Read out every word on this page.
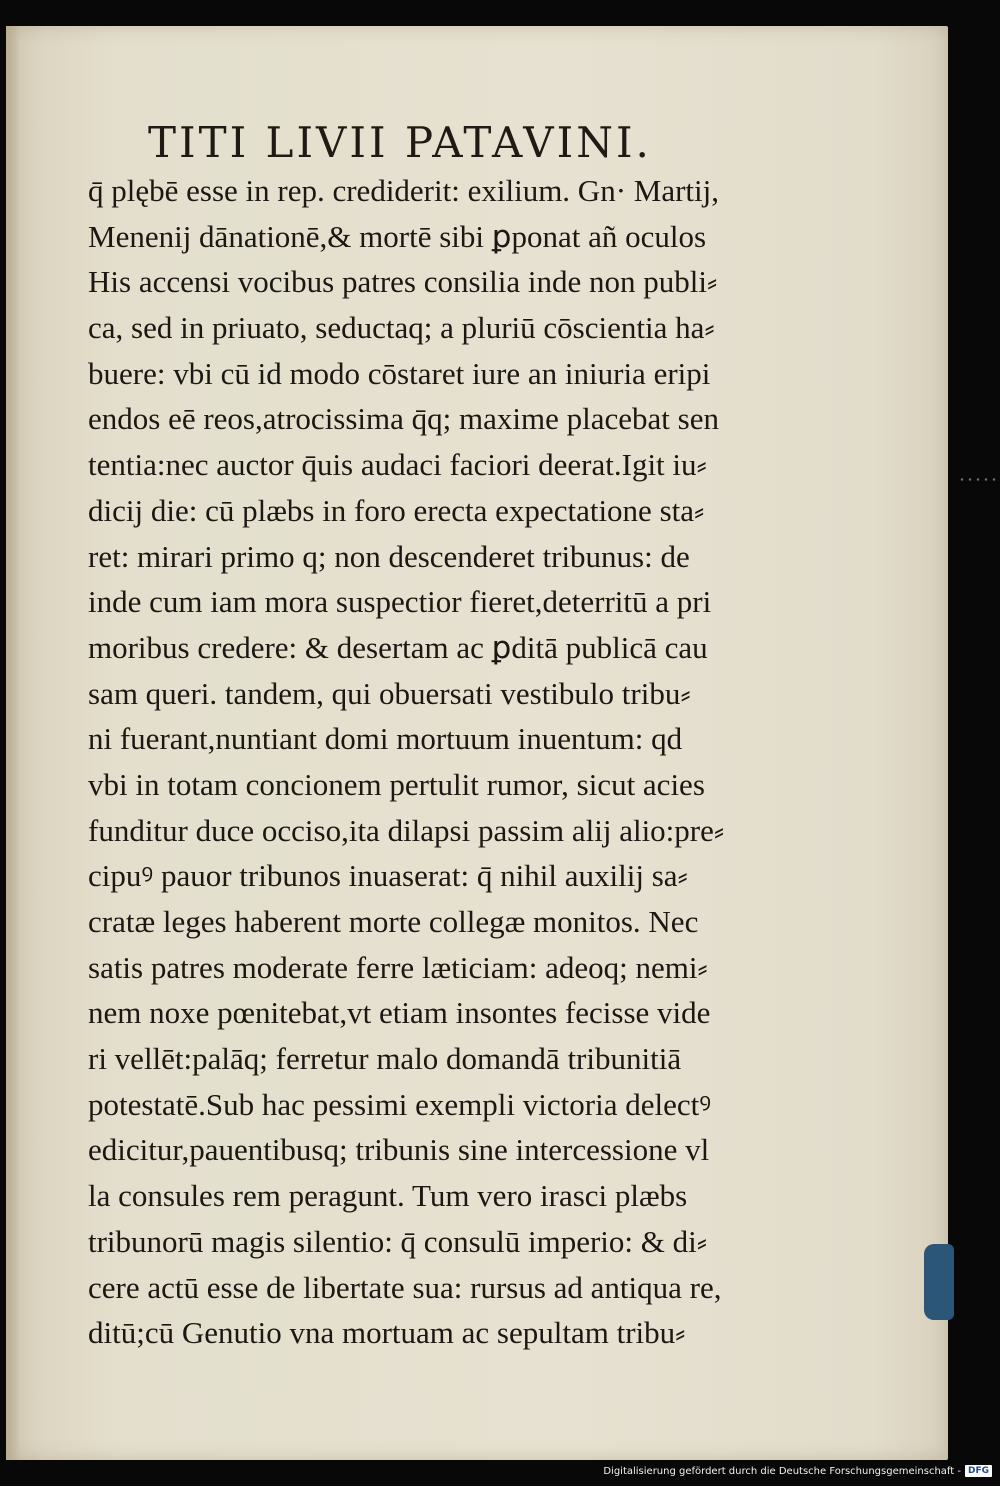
TITI LIVII PATAVINI.
q̄ plębē esse in rep. crediderit: exilium. Gn· Martij,
Menenij dānationē,& mortē sibi ꝑponat añ oculos
His accensi vocibus patres consilia inde non publi⸗
ca, sed in priuato, seductaq; a pluriū cōscientia ha⸗
buere: vbi cū id modo cōstaret iure an iniuria eripi
endos eē reos,atrocissima q̄q; maxime placebat sen
tentia:nec auctor q̄uis audaci faciori deerat.Igit iu⸗
dicij die: cū plæbs in foro erecta expectatione sta⸗
ret: mirari primo q; non descenderet tribunus: de
inde cum iam mora suspectior fieret,deterritū a pri
moribus credere: & desertam ac ꝑditā publicā cau
sam queri. tandem, qui obuersati vestibulo tribu⸗
ni fuerant,nuntiant domi mortuum inuentum: qd
vbi in totam concionem pertulit rumor, sicut acies
funditur duce occiso,ita dilapsi passim alij alio:pre⸗
cipuꝰ pauor tribunos inuaserat: q̄ nihil auxilij sa⸗
cratæ leges haberent morte collegæ monitos. Nec
satis patres moderate ferre læticiam: adeoq; nemi⸗
nem noxe pœnitebat,vt etiam insontes fecisse vide
ri vellēt:palāq; ferretur malo domandā tribunitiā
potestatē.Sub hac pessimi exempli victoria delectꝰ
edicitur,pauentibusq; tribunis sine intercessione vl
la consules rem peragunt. Tum vero irasci plæbs
tribunorū magis silentio: q̄ consulū imperio: & di⸗
cere actū esse de libertate sua: rursus ad antiqua re,
ditū;cū Genutio vna mortuam ac sepultam tribu⸗
Digitalisierung gefördert durch die Deutsche Forschungsgemeinschaft - DFG
